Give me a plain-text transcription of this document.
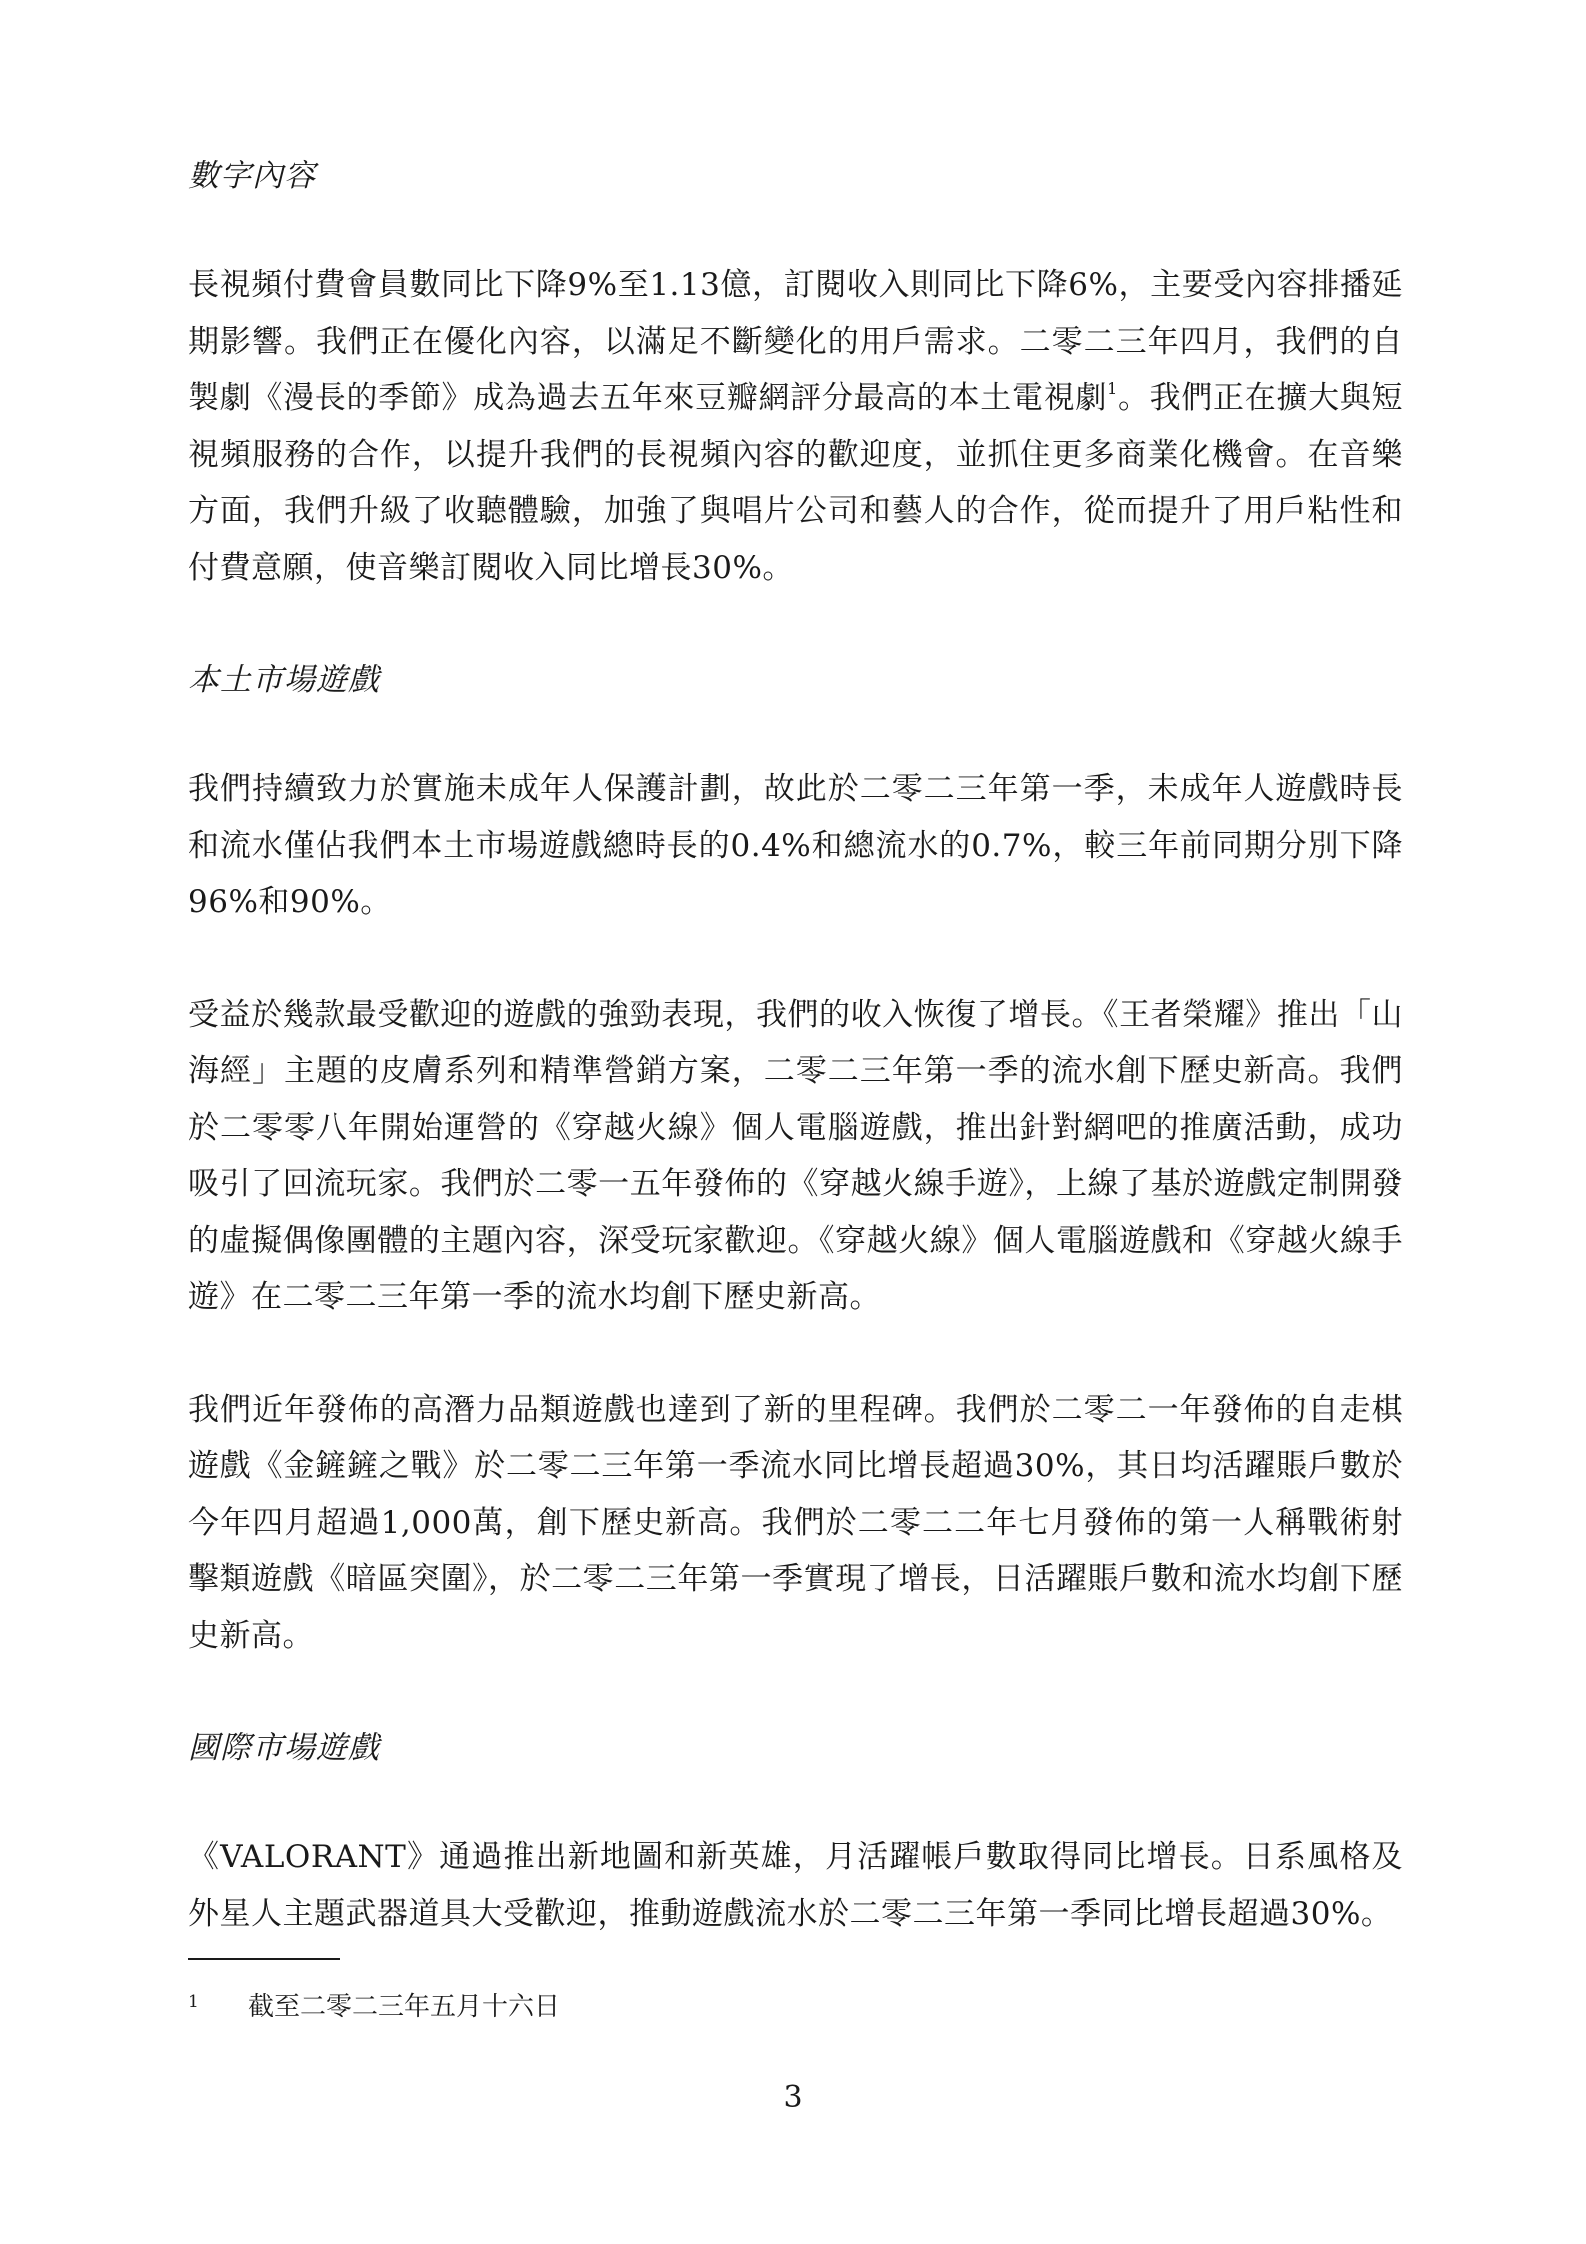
數字內容

長視頻付費會員數同比下降9%至1.13億，訂閱收入則同比下降6%，主要受內容排播延期影響。我們正在優化內容，以滿足不斷變化的用戶需求。二零二三年四月，我們的自製劇《漫長的季節》成為過去五年來豆瓣網評分最高的本土電視劇$^1$。我們正在擴大與短視頻服務的合作，以提升我們的長視頻內容的歡迎度，並抓住更多商業化機會。在音樂方面，我們升級了收聽體驗，加強了與唱片公司和藝人的合作，從而提升了用戶粘性和付費意願，使音樂訂閱收入同比增長30%。

本土市場遊戲

我們持續致力於實施未成年人保護計劃，故此於二零二三年第一季，未成年人遊戲時長和流水僅佔我們本土市場遊戲總時長的0.4%和總流水的0.7%，較三年前同期分別下降96%和90%。

受益於幾款最受歡迎的遊戲的強勁表現，我們的收入恢復了增長。《王者榮耀》推出「山海經」主題的皮膚系列和精準營銷方案，二零二三年第一季的流水創下歷史新高。我們於二零零八年開始運營的《穿越火線》個人電腦遊戲，推出針對網吧的推廣活動，成功吸引了回流玩家。我們於二零一五年發佈的《穿越火線手遊》，上線了基於遊戲定制開發的虛擬偶像團體的主題內容，深受玩家歡迎。《穿越火線》個人電腦遊戲和《穿越火線手遊》在二零二三年第一季的流水均創下歷史新高。

我們近年發佈的高潛力品類遊戲也達到了新的里程碑。我們於二零二一年發佈的自走棋遊戲《金鏟鏟之戰》於二零二三年第一季流水同比增長超過30%，其日均活躍賬戶數於今年四月超過1,000萬，創下歷史新高。我們於二零二二年七月發佈的第一人稱戰術射擊類遊戲《暗區突圍》，於二零二三年第一季實現了增長，日活躍賬戶數和流水均創下歷史新高。

國際市場遊戲

《VALORANT》通過推出新地圖和新英雄，月活躍帳戶數取得同比增長。日系風格及外星人主題武器道具大受歡迎，推動遊戲流水於二零二三年第一季同比增長超過30%。

1 截至二零二三年五月十六日
3
